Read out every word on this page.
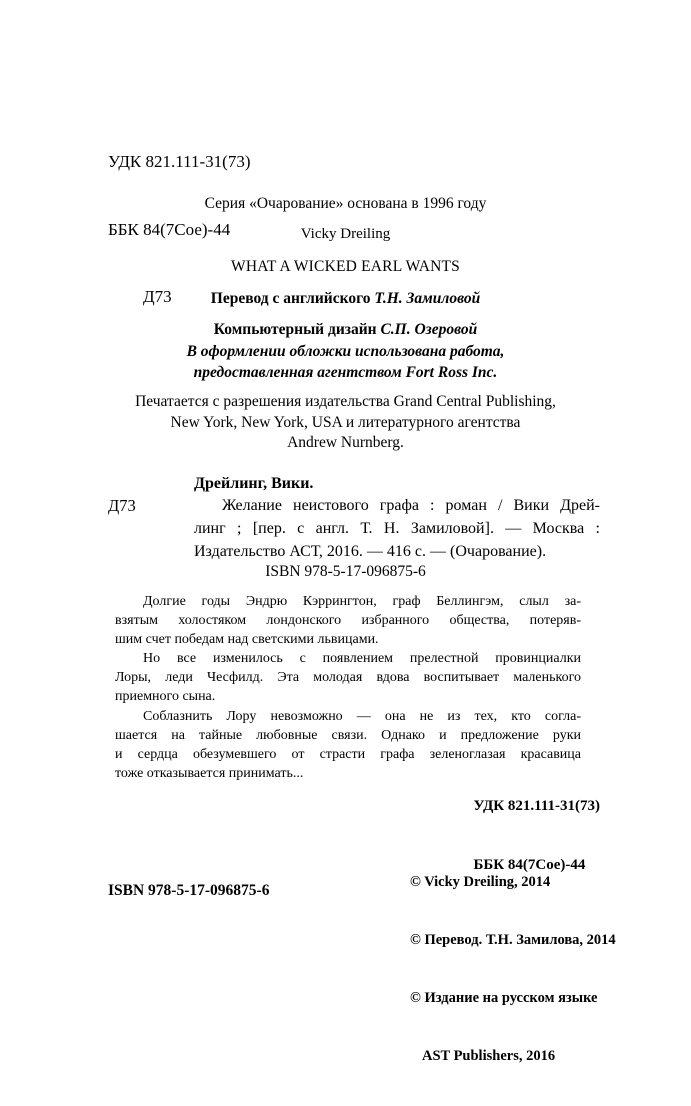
УДК 821.111-31(73)

ББК 84(7Сое)-44

Д73

Серия «Очарование» основана в 1996 году
Vicky Dreiling
WHAT A WICKED EARL WANTS
Перевод с английского Т.Н. Замиловой
Компьютерный дизайн С.П. Озеровой
В оформлении обложки использована работа,
предоставленная агентством Fort Ross Inc.
Печатается с разрешения издательства Grand Central Publishing,
New York, New York, USA и литературного агентства
Andrew Nurnberg.
Дрейлинг, Вики.
Д73	Желание неистового графа : роман / Вики Дрей-
линг ; [пер. с англ. Т. Н. Замиловой]. — Москва :
Издательство АСТ, 2016. — 416 с. — (Очарование).
ISBN 978-5-17-096875-6

Долгие годы Эндрю Кэррингтон, граф Беллингэм, слыл за-
взятым холостяком лондонского избранного общества, потеряв-
шим счет победам над светскими львицами.

Но все изменилось с появлением прелестной провинциалки
Лоры, леди Чесфилд. Эта молодая вдова воспитывает маленького
приемного сына.

Соблазнить Лору невозможно — она не из тех, кто согла-
шается на тайные любовные связи. Однако и предложение руки
и сердца обезумевшего от страсти графа зеленоглазая красавица
тоже отказывается принимать...

УДК 821.111-31(73)

ББК 84(7Сое)-44

© Vicky Dreiling, 2014

© Перевод. Т.Н. Замилова, 2014

© Издание на русском языке

AST Publishers, 2016

ISBN 978-5-17-096875-6
